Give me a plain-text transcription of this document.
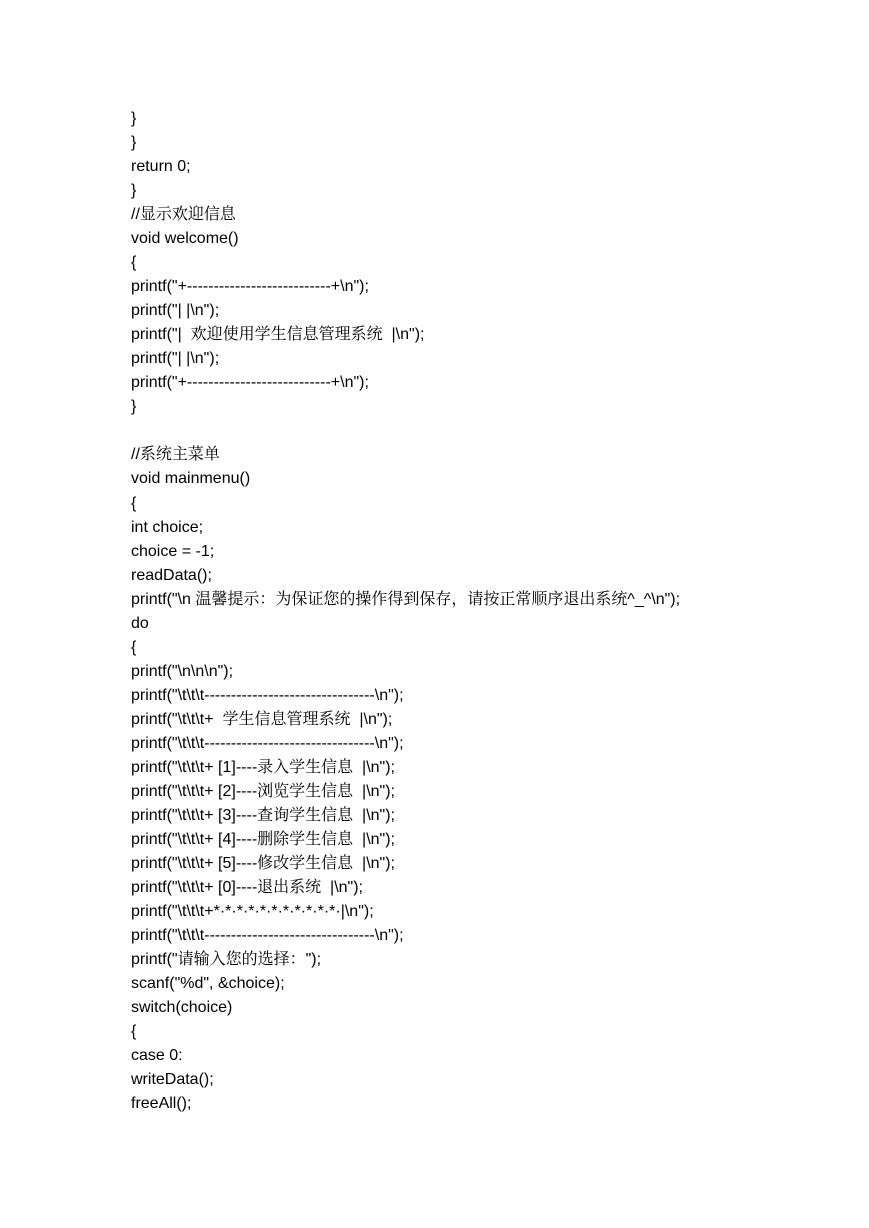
}
}
return 0;
}
//显示欢迎信息
void welcome()
{
printf("+---------------------------+\n");
printf("| |\n");
printf("|  欢迎使用学生信息管理系统  |\n");
printf("| |\n");
printf("+---------------------------+\n");
}
//系统主菜单
void mainmenu()
{
int choice;
choice = -1;
readData();
printf("\n 温馨提示：为保证您的操作得到保存，请按正常顺序退出系统^_^\n");
do
{
printf("\n\n\n");
printf("\t\t\t--------------------------------\n");
printf("\t\t\t+  学生信息管理系统  |\n");
printf("\t\t\t--------------------------------\n");
printf("\t\t\t+ [1]----录入学生信息  |\n");
printf("\t\t\t+ [2]----浏览学生信息  |\n");
printf("\t\t\t+ [3]----查询学生信息  |\n");
printf("\t\t\t+ [4]----删除学生信息  |\n");
printf("\t\t\t+ [5]----修改学生信息  |\n");
printf("\t\t\t+ [0]----退出系统  |\n");
printf("\t\t\t+*·*·*·*·*·*·*·*·*·*·*·|\n");
printf("\t\t\t--------------------------------\n");
printf("请输入您的选择：");
scanf("%d", &choice);
switch(choice)
{
case 0:
writeData();
freeAll();
